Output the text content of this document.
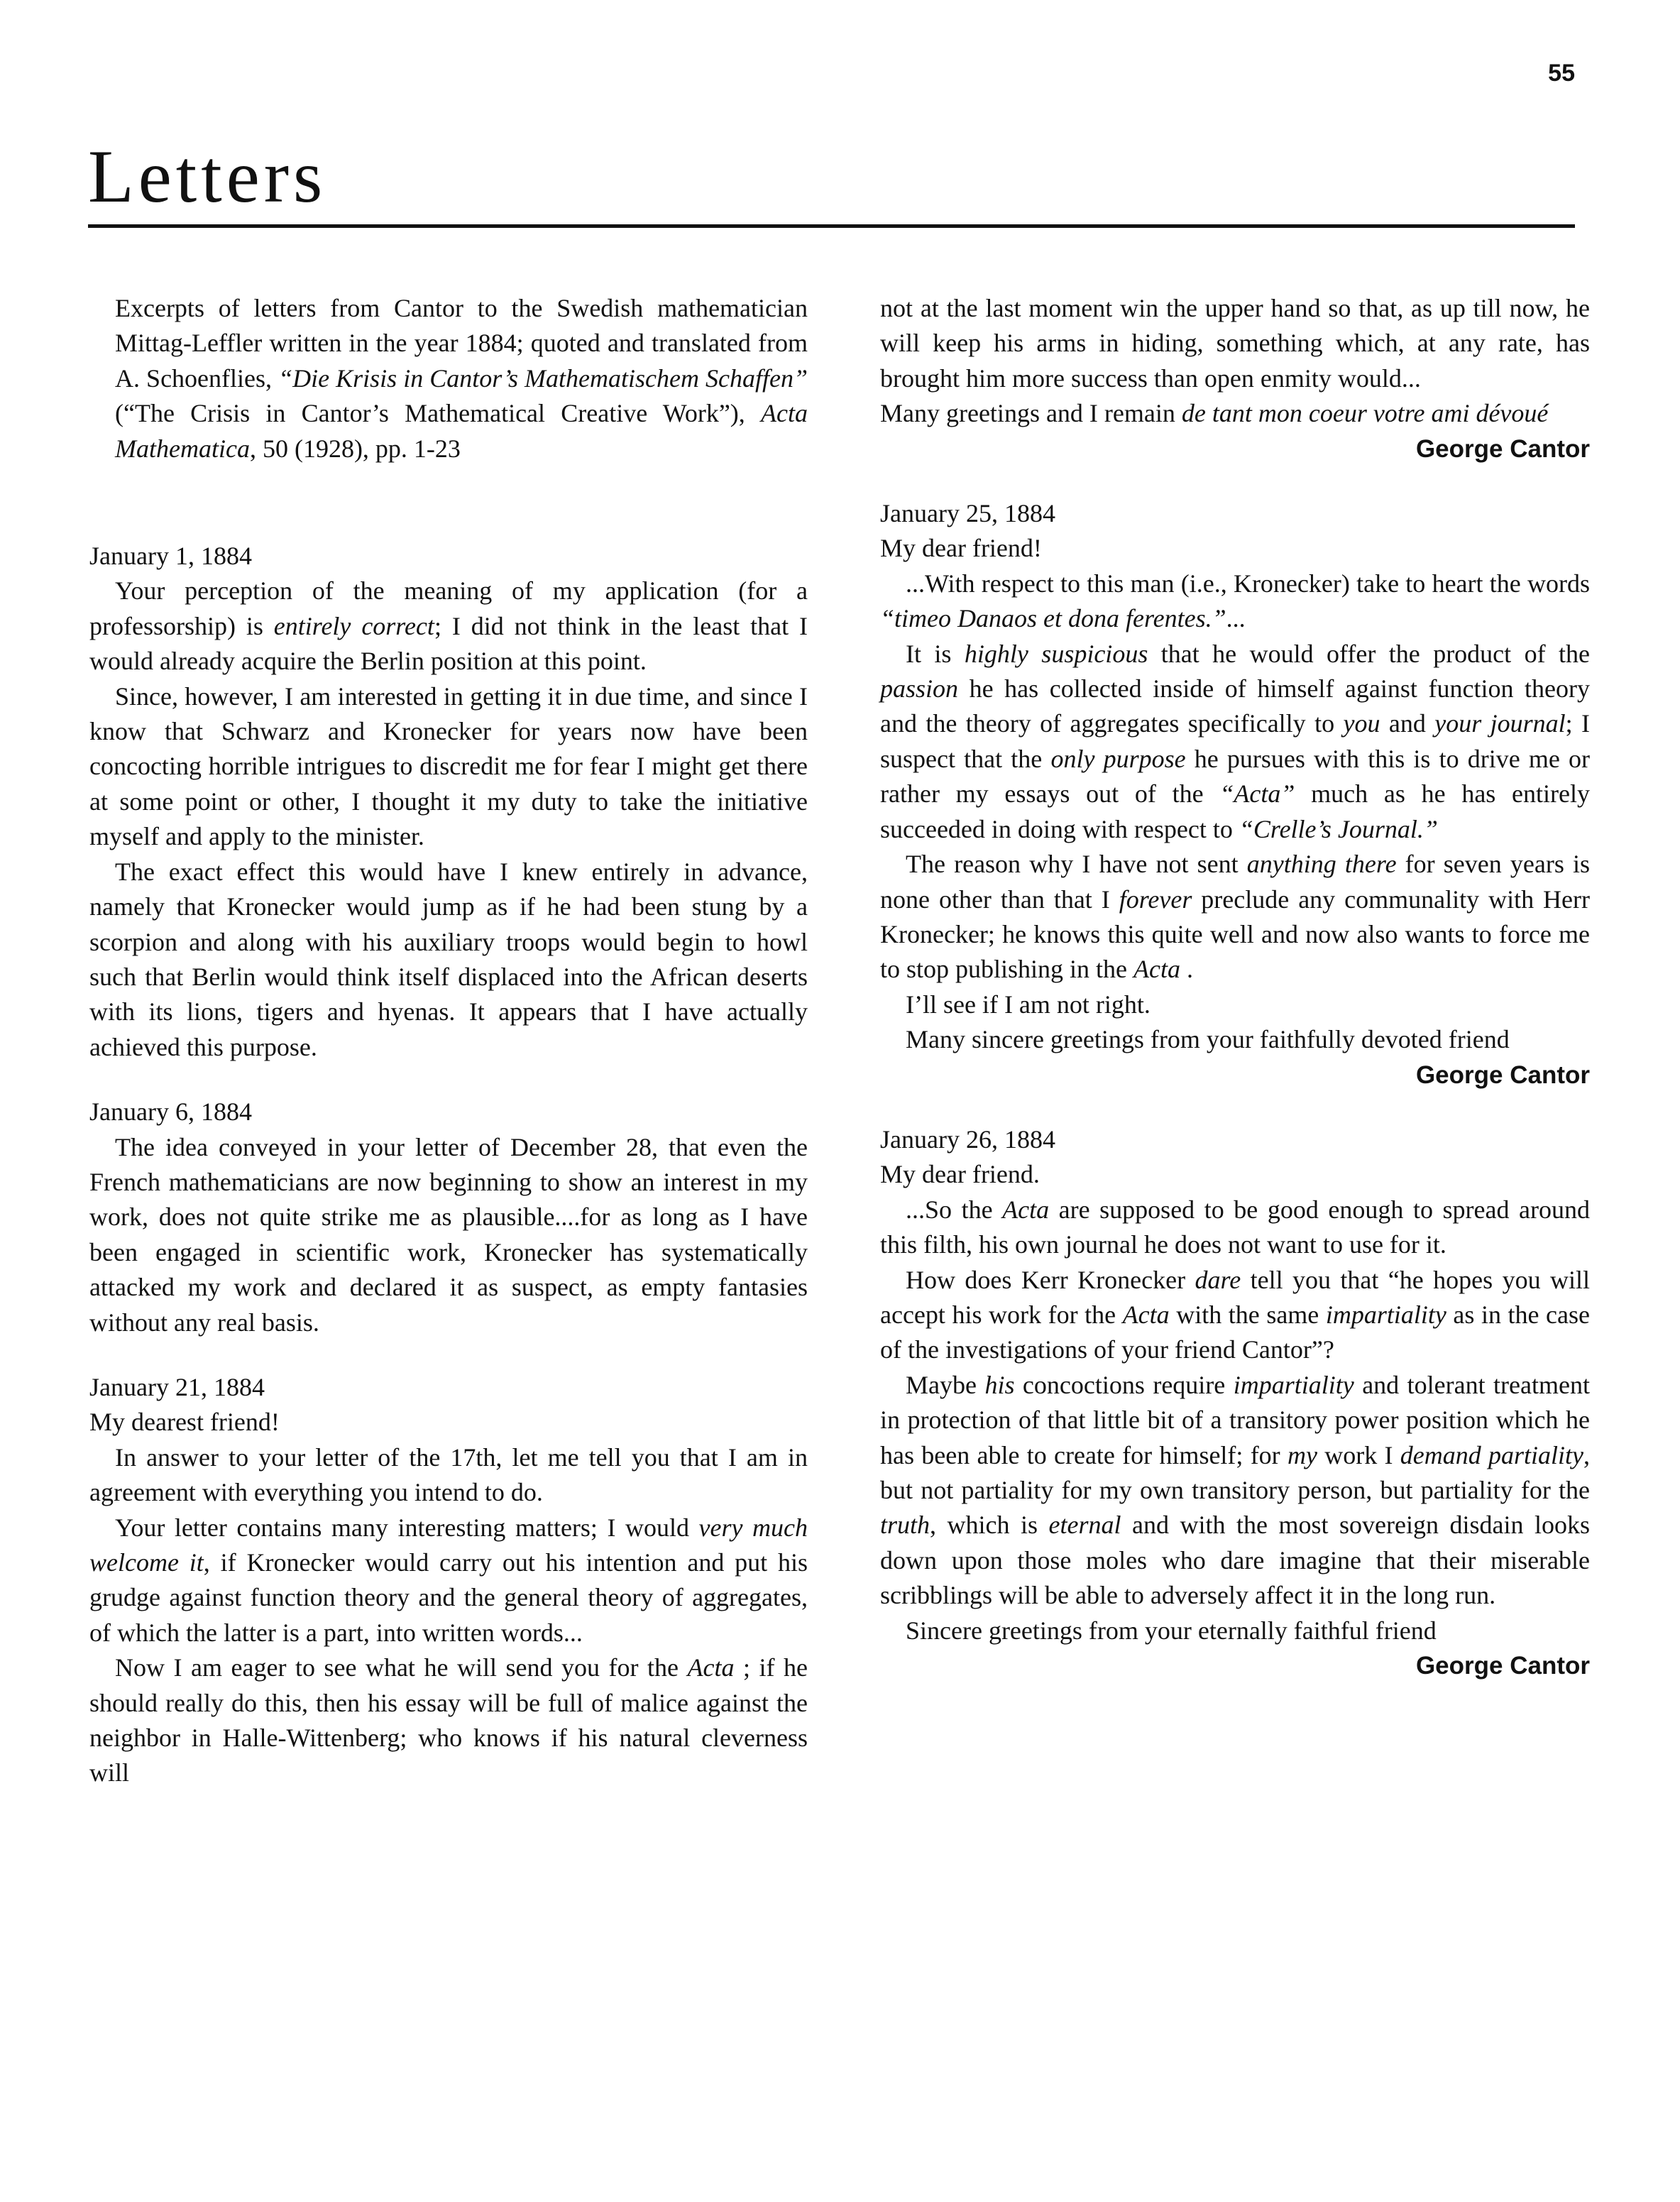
55
Letters

Excerpts of letters from Cantor to the Swedish mathematician Mittag-Leffler written in the year 1884; quoted and translated from A. Schoenflies, “Die Krisis in Cantor’s Mathematischem Schaffen” (“The Crisis in Cantor’s Mathematical Creative Work”), Acta Mathematica, 50 (1928), pp. 1-23

January 1, 1884

Your perception of the meaning of my application (for a professorship) is entirely correct; I did not think in the least that I would already acquire the Berlin position at this point.

Since, however, I am interested in getting it in due time, and since I know that Schwarz and Kronecker for years now have been concocting horrible intrigues to discredit me for fear I might get there at some point or other, I thought it my duty to take the initiative myself and apply to the minister.

The exact effect this would have I knew entirely in advance, namely that Kronecker would jump as if he had been stung by a scorpion and along with his auxiliary troops would begin to howl such that Berlin would think itself displaced into the African deserts with its lions, tigers and hyenas. It appears that I have actually achieved this purpose.

January 6, 1884

The idea conveyed in your letter of December 28, that even the French mathematicians are now beginning to show an interest in my work, does not quite strike me as plausible....for as long as I have been engaged in scientific work, Kronecker has systematically attacked my work and declared it as suspect, as empty fantasies without any real basis.

January 21, 1884

My dearest friend!

In answer to your letter of the 17th, let me tell you that I am in agreement with everything you intend to do.

Your letter contains many interesting matters; I would very much welcome it, if Kronecker would carry out his intention and put his grudge against function theory and the general theory of aggregates, of which the latter is a part, into written words...

Now I am eager to see what he will send you for the Acta ; if he should really do this, then his essay will be full of malice against the neighbor in Halle-Wittenberg; who knows if his natural cleverness will

not at the last moment win the upper hand so that, as up till now, he will keep his arms in hiding, something which, at any rate, has brought him more success than open enmity would...

Many greetings and I remain de tant mon coeur votre ami dévoué

George Cantor

January 25, 1884

My dear friend!

...With respect to this man (i.e., Kronecker) take to heart the words “timeo Danaos et dona ferentes.”...

It is highly suspicious that he would offer the product of the passion he has collected inside of himself against function theory and the theory of aggregates specifically to you and your journal; I suspect that the only purpose he pursues with this is to drive me or rather my essays out of the “Acta” much as he has entirely succeeded in doing with respect to “Crelle’s Journal.”

The reason why I have not sent anything there for seven years is none other than that I forever preclude any communality with Herr Kronecker; he knows this quite well and now also wants to force me to stop publishing in the Acta .

I’ll see if I am not right.

Many sincere greetings from your faithfully devoted friend

George Cantor

January 26, 1884

My dear friend.

...So the Acta are supposed to be good enough to spread around this filth, his own journal he does not want to use for it.

How does Kerr Kronecker dare tell you that “he hopes you will accept his work for the Acta with the same impartiality as in the case of the investigations of your friend Cantor”?

Maybe his concoctions require impartiality and tolerant treatment in protection of that little bit of a transitory power position which he has been able to create for himself; for my work I demand partiality, but not partiality for my own transitory person, but partiality for the truth, which is eternal and with the most sovereign disdain looks down upon those moles who dare imagine that their miserable scribblings will be able to adversely affect it in the long run.

Sincere greetings from your eternally faithful friend

George Cantor
